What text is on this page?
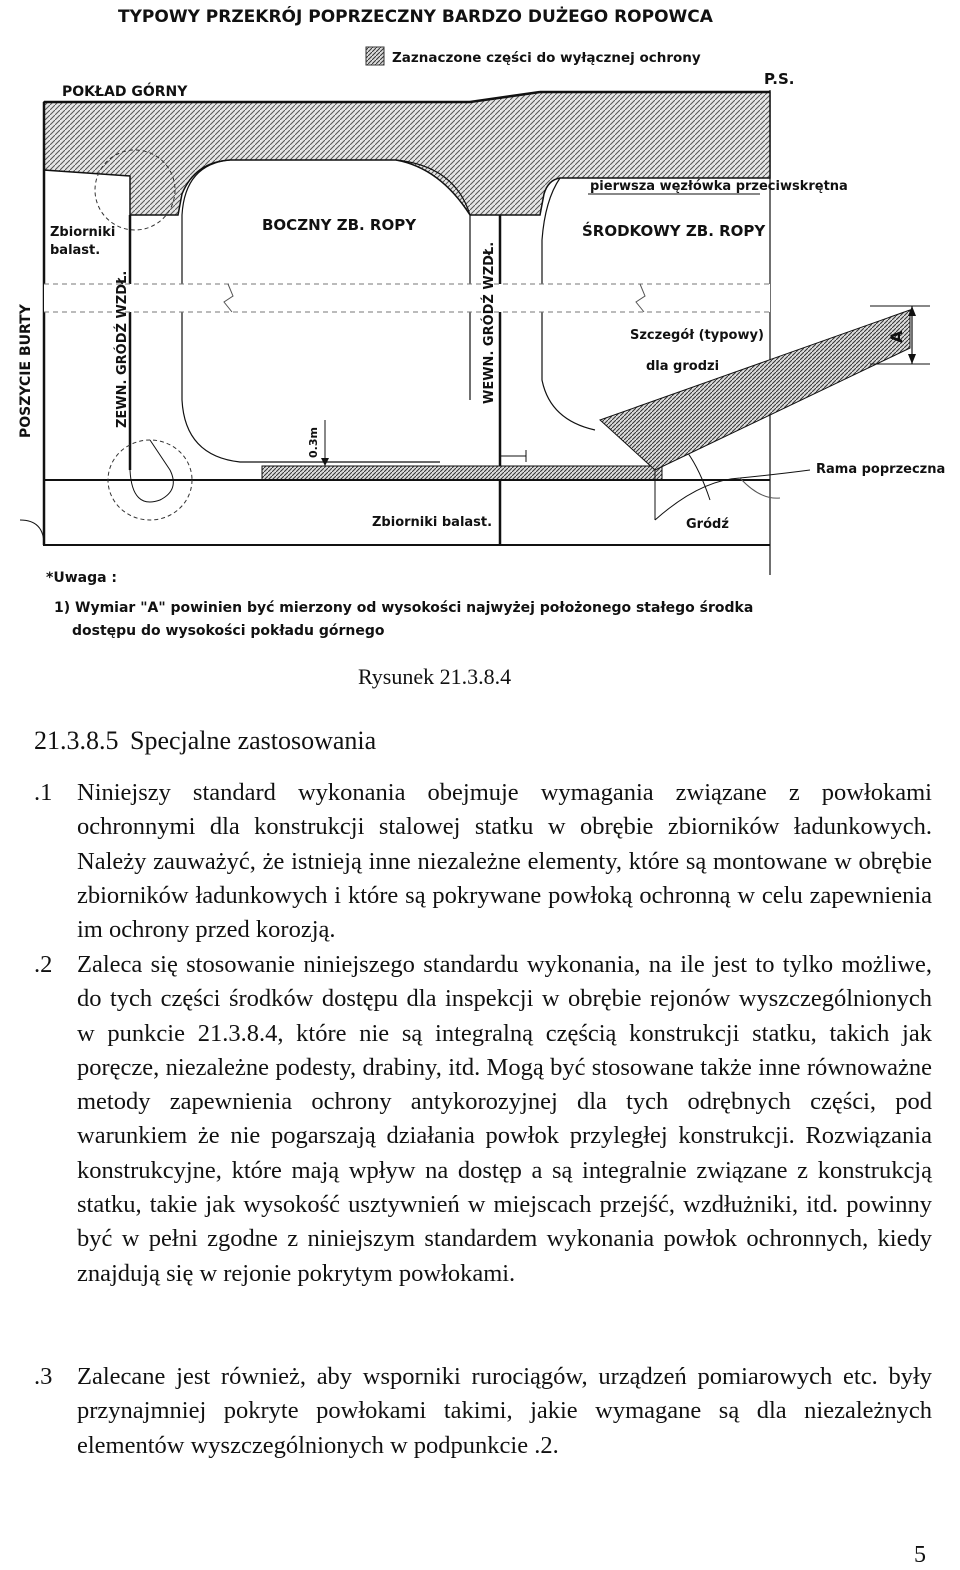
TYPOWY PRZEKRÓJ POPRZECZNY BARDZO DUŻEGO ROPOWCA
Zaznaczone części do wyłącznej ochrony
POKŁAD GÓRNY
P.S.
0.3m
A
pierwsza węzłówka przeciwskrętna
Zbiorniki
balast.
BOCZNY ZB. ROPY	ŚRODKOWY ZB. ROPY
POSZYCIE BURTY	ZEWN. GRÓDŹ WZDŁ.	WEWN. GRÓDŹ WZDŁ.	Szczegół (typowy)
dla grodzi
Rama poprzeczna
Zbiorniki balast.	Gródź
*Uwaga :
1) Wymiar "A" powinien być mierzony od wysokości najwyżej położonego stałego środka
dostępu do wysokości pokładu górnego
Rysunek 21.3.8.4
21.3.8.5 Specjalne zastosowania
.1 Niniejszy standard wykonania obejmuje wymagania związane z powłokami ochronnymi dla konstrukcji stalowej statku w obrębie zbiorników ładunkowych. Należy zauważyć, że istnieją inne niezależne elementy, które są montowane w obrębie zbiorników ładunkowych i które są pokrywane powłoką ochronną w celu zapewnienia im ochrony przed korozją.
.2 Zaleca się stosowanie niniejszego standardu wykonania, na ile jest to tylko możliwe, do tych części środków dostępu dla inspekcji w obrębie rejonów wyszczególnionych w punkcie 21.3.8.4, które nie są integralną częścią konstrukcji statku, takich jak poręcze, niezależne podesty, drabiny, itd. Mogą być stosowane także inne równoważne metody zapewnienia ochrony antykorozyjnej dla tych odrębnych części, pod warunkiem że nie pogarszają działania powłok przyległej konstrukcji. Rozwiązania konstrukcyjne, które mają wpływ na dostęp a są integralnie związane z konstrukcją statku, takie jak wysokość usztywnień w miejscach przejść, wzdłużniki, itd. powinny być w pełni zgodne z niniejszym standardem wykonania powłok ochronnych, kiedy znajdują się w rejonie pokrytym powłokami.
.3 Zalecane jest również, aby wsporniki rurociągów, urządzeń pomiarowych etc. były przynajmniej pokryte powłokami takimi, jakie wymagane są dla niezależnych elementów wyszczególnionych w podpunkcie .2.
5
